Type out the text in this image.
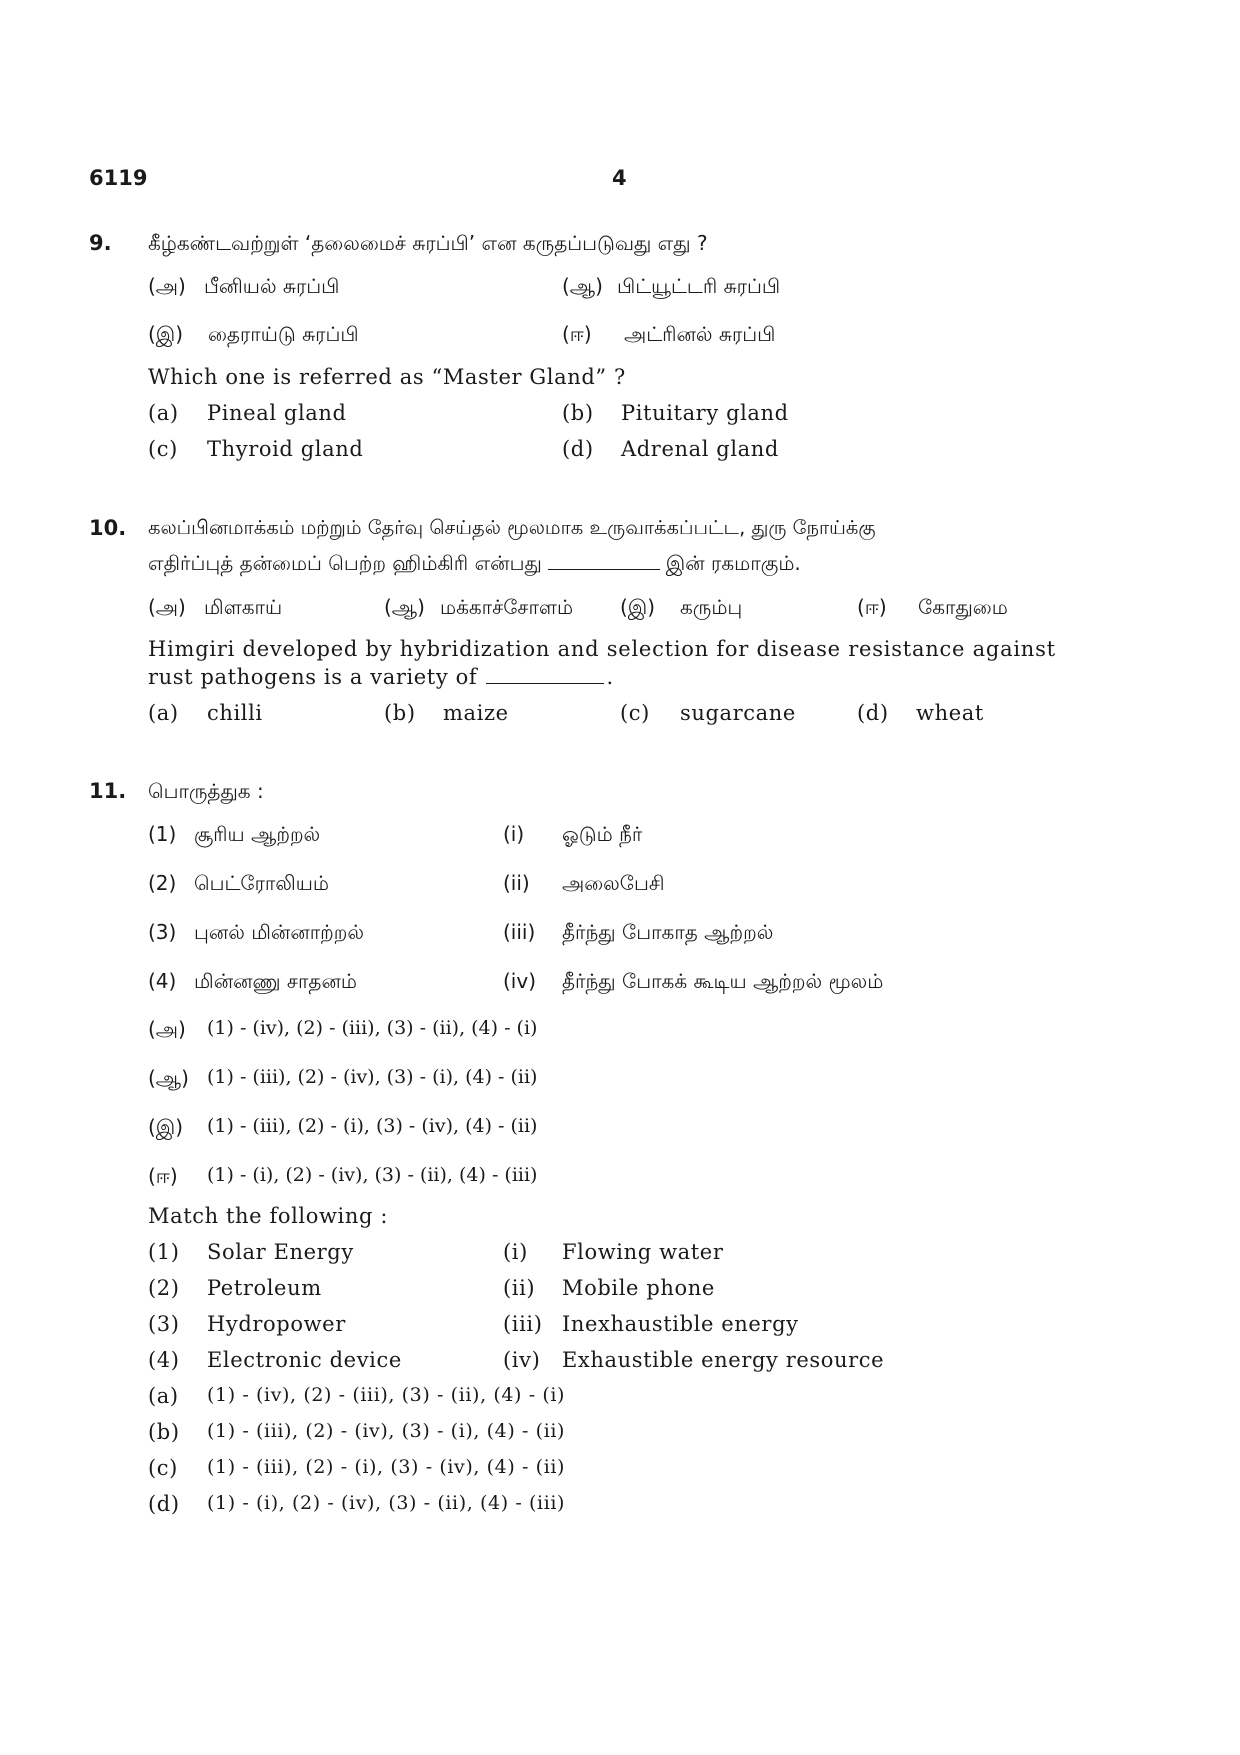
6119	4
9. கீழ்கண்டவற்றுள் ‘தலைமைச் சுரப்பி’ என கருதப்படுவது எது ?
(அ) பீனியல் சுரப்பி	(ஆ) பிட்யூட்டரி சுரப்பி
(இ) தைராய்டு சுரப்பி	(ஈ) அட்ரினல் சுரப்பி
Which one is referred as “Master Gland” ?
(a) Pineal gland	(b) Pituitary gland
(c) Thyroid gland	(d) Adrenal gland
10. கலப்பினமாக்கம் மற்றும் தேர்வு செய்தல் மூலமாக உருவாக்கப்பட்ட, துரு நோய்க்கு
எதிர்ப்புத் தன்மைப் பெற்ற ஹிம்கிரி என்பது	இன் ரகமாகும்.
(அ) மிளகாய்	(ஆ) மக்காச்சோளம் (இ) கரும்பு	(ஈ) கோதுமை
Himgiri developed by hybridization and selection for disease resistance against
rust pathogens is a variety of	.
(a) chilli	(b) maize	(c) sugarcane	(d) wheat
11. பொருத்துக :
(1) சூரிய ஆற்றல்	(i) ஓடும் நீர்
(2) பெட்ரோலியம்	(ii) அலைபேசி
(3) புனல் மின்னாற்றல்	(iii) தீர்ந்து போகாத ஆற்றல்
(4) மின்னணு சாதனம்	(iv) தீர்ந்து போகக் கூடிய ஆற்றல் மூலம்
(அ) (1) - (iv), (2) - (iii), (3) - (ii), (4) - (i)
(ஆ) (1) - (iii), (2) - (iv), (3) - (i), (4) - (ii)
(இ) (1) - (iii), (2) - (i), (3) - (iv), (4) - (ii)
(ஈ) (1) - (i), (2) - (iv), (3) - (ii), (4) - (iii)
Match the following :
(1) Solar Energy	(i) Flowing water
(2) Petroleum	(ii) Mobile phone
(3) Hydropower	(iii) Inexhaustible energy
(4) Electronic device	(iv) Exhaustible energy resource
(a) (1) - (iv), (2) - (iii), (3) - (ii), (4) - (i)
(b) (1) - (iii), (2) - (iv), (3) - (i), (4) - (ii)
(c) (1) - (iii), (2) - (i), (3) - (iv), (4) - (ii)
(d) (1) - (i), (2) - (iv), (3) - (ii), (4) - (iii)
